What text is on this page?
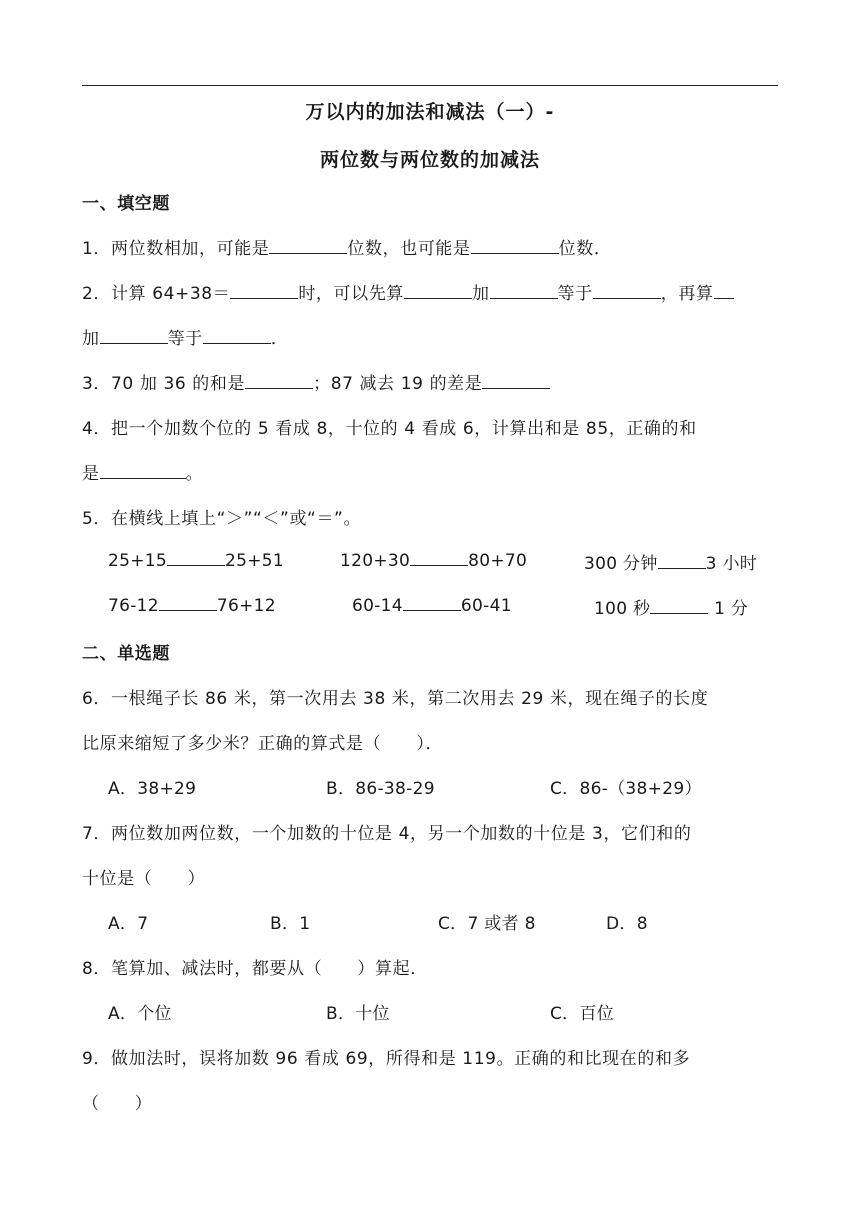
万以内的加法和减法（一）-
两位数与两位数的加减法
一、填空题
1．两位数相加，可能是	位数，也可能是	位数．
2．计算 64+38＝	时，可以先算	加	等于	，再算
加	等于	．
3．70 加 36 的和是	；87 减去 19 的差是
4．把一个加数个位的 5 看成 8，十位的 4 看成 6，计算出和是 85，正确的和
是	。
5．在横线上填上“＞”“＜”或“＝”。
25+15	25+51	120+30	80+70	300 分钟	3 小时
76-12	76+12	60-14	60-41	100 秒	1 分
二、单选题
6．一根绳子长 86 米，第一次用去 38 米，第二次用去 29 米，现在绳子的长度
比原来缩短了多少米？正确的算式是（　　）．
A．38+29	B．86-38-29	C．86-（38+29）
7．两位数加两位数，一个加数的十位是 4，另一个加数的十位是 3，它们和的
十位是（　　）
A．7	B．1	C．7 或者 8	D．8
8．笔算加、减法时，都要从（　　）算起．
A．个位	B．十位	C．百位
9．做加法时，误将加数 96 看成 69，所得和是 119。正确的和比现在的和多
（　　）
